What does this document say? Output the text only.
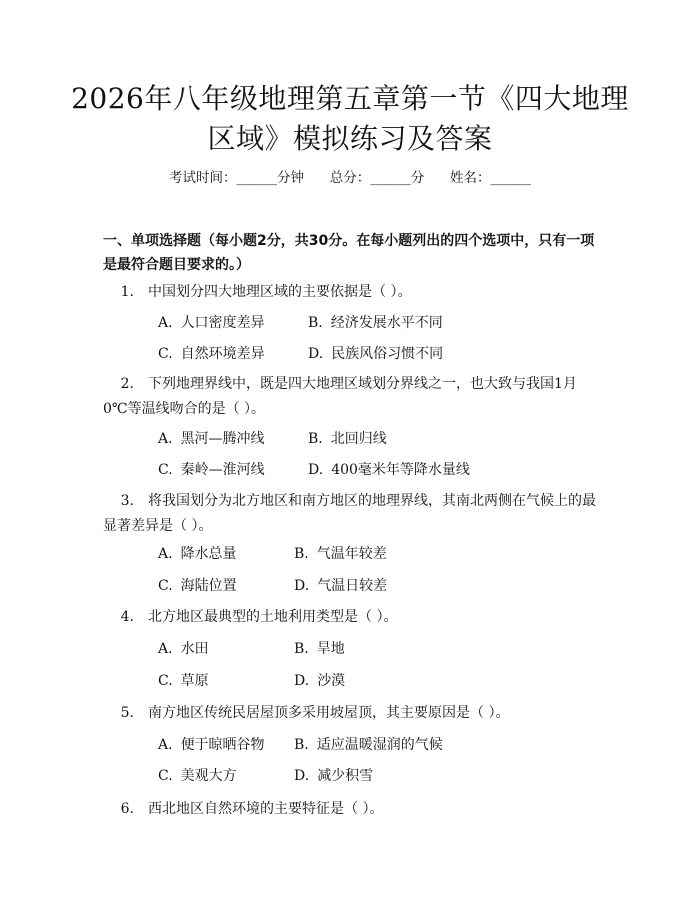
2026年八年级地理第五章第一节《四大地理
区域》模拟练习及答案
考试时间：______分钟      总分：______分      姓名：______
一、单项选择题（每小题2分，共30分。在每小题列出的四个选项中，只有一项是最符合题目要求的。）
1. 中国划分四大地理区域的主要依据是（ ）。
A. 人口密度差异	B. 经济发展水平不同
C. 自然环境差异	D. 民族风俗习惯不同
2. 下列地理界线中，既是四大地理区域划分界线之一，也大致与我国1月0℃等温线吻合的是（ ）。
A. 黑河—腾冲线	B. 北回归线
C. 秦岭—淮河线	D. 400毫米年等降水量线
3. 将我国划分为北方地区和南方地区的地理界线，其南北两侧在气候上的最显著差异是（ ）。
A. 降水总量	B. 气温年较差
C. 海陆位置	D. 气温日较差
4. 北方地区最典型的土地利用类型是（ ）。
A. 水田	B. 旱地
C. 草原	D. 沙漠
5. 南方地区传统民居屋顶多采用坡屋顶，其主要原因是（ ）。
A. 便于晾晒谷物 B. 适应温暖湿润的气候
C. 美观大方	D. 减少积雪
6. 西北地区自然环境的主要特征是（ ）。
